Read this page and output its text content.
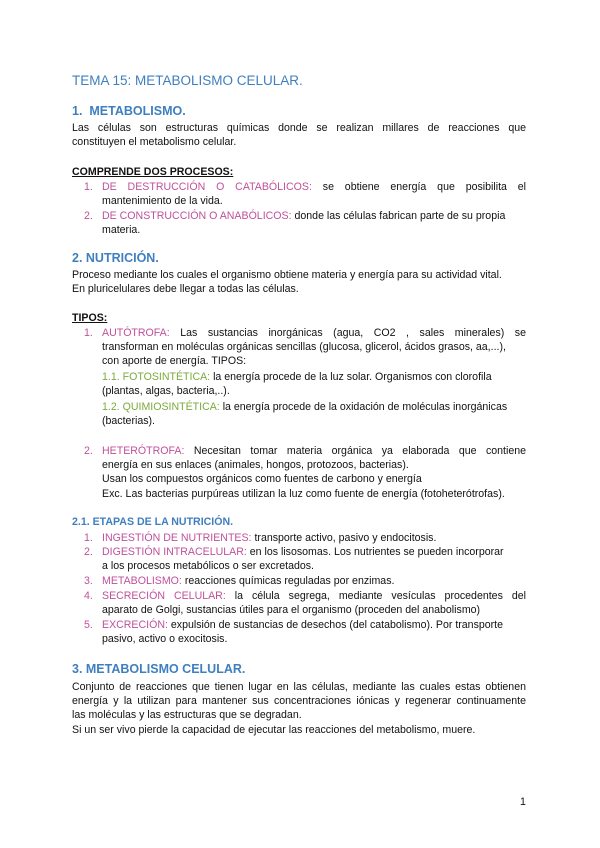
TEMA 15: METABOLISMO CELULAR.
1. METABOLISMO.
Las células son estructuras químicas donde se realizan millares de reacciones que
constituyen el metabolismo celular.
COMPRENDE DOS PROCESOS:
1. DE DESTRUCCIÓN O CATABÓLICOS: se obtiene energía que posibilita el
mantenimiento de la vida.
2. DE CONSTRUCCIÓN O ANABÓLICOS: donde las células fabrican parte de su propia
materia.
2. NUTRICIÓN.
Proceso mediante los cuales el organismo obtiene materia y energía para su actividad vital.
En pluricelulares debe llegar a todas las células.
TIPOS:
1. AUTÓTROFA: Las sustancias inorgánicas (agua, CO2 , sales minerales) se
transforman en moléculas orgánicas sencillas (glucosa, glicerol, ácidos grasos, aa,...),
con aporte de energía. TIPOS:
1.1. FOTOSINTÉTICA: la energía procede de la luz solar. Organismos con clorofila
(plantas, algas, bacteria,..).
1.2. QUIMIOSINTÉTICA: la energía procede de la oxidación de moléculas inorgánicas
(bacterias).
2. HETERÓTROFA: Necesitan tomar materia orgánica ya elaborada que contiene
energía en sus enlaces (animales, hongos, protozoos, bacterias).
Usan los compuestos orgánicos como fuentes de carbono y energía
Exc. Las bacterias purpúreas utilizan la luz como fuente de energía (fotoheterótrofas).
2.1. ETAPAS DE LA NUTRICIÓN.
1. INGESTIÓN DE NUTRIENTES: transporte activo, pasivo y endocitosis.
2. DIGESTIÓN INTRACELULAR: en los lisosomas. Los nutrientes se pueden incorporar
a los procesos metabólicos o ser excretados.
3. METABOLISMO: reacciones químicas reguladas por enzimas.
4. SECRECIÓN CELULAR: la célula segrega, mediante vesículas procedentes del
aparato de Golgi, sustancias útiles para el organismo (proceden del anabolismo)
5. EXCRECIÓN: expulsión de sustancias de desechos (del catabolismo). Por transporte
pasivo, activo o exocitosis.
3. METABOLISMO CELULAR.
Conjunto de reacciones que tienen lugar en las células, mediante las cuales estas obtienen
energía y la utilizan para mantener sus concentraciones iónicas y regenerar continuamente
las moléculas y las estructuras que se degradan.
Si un ser vivo pierde la capacidad de ejecutar las reacciones del metabolismo, muere.
1
